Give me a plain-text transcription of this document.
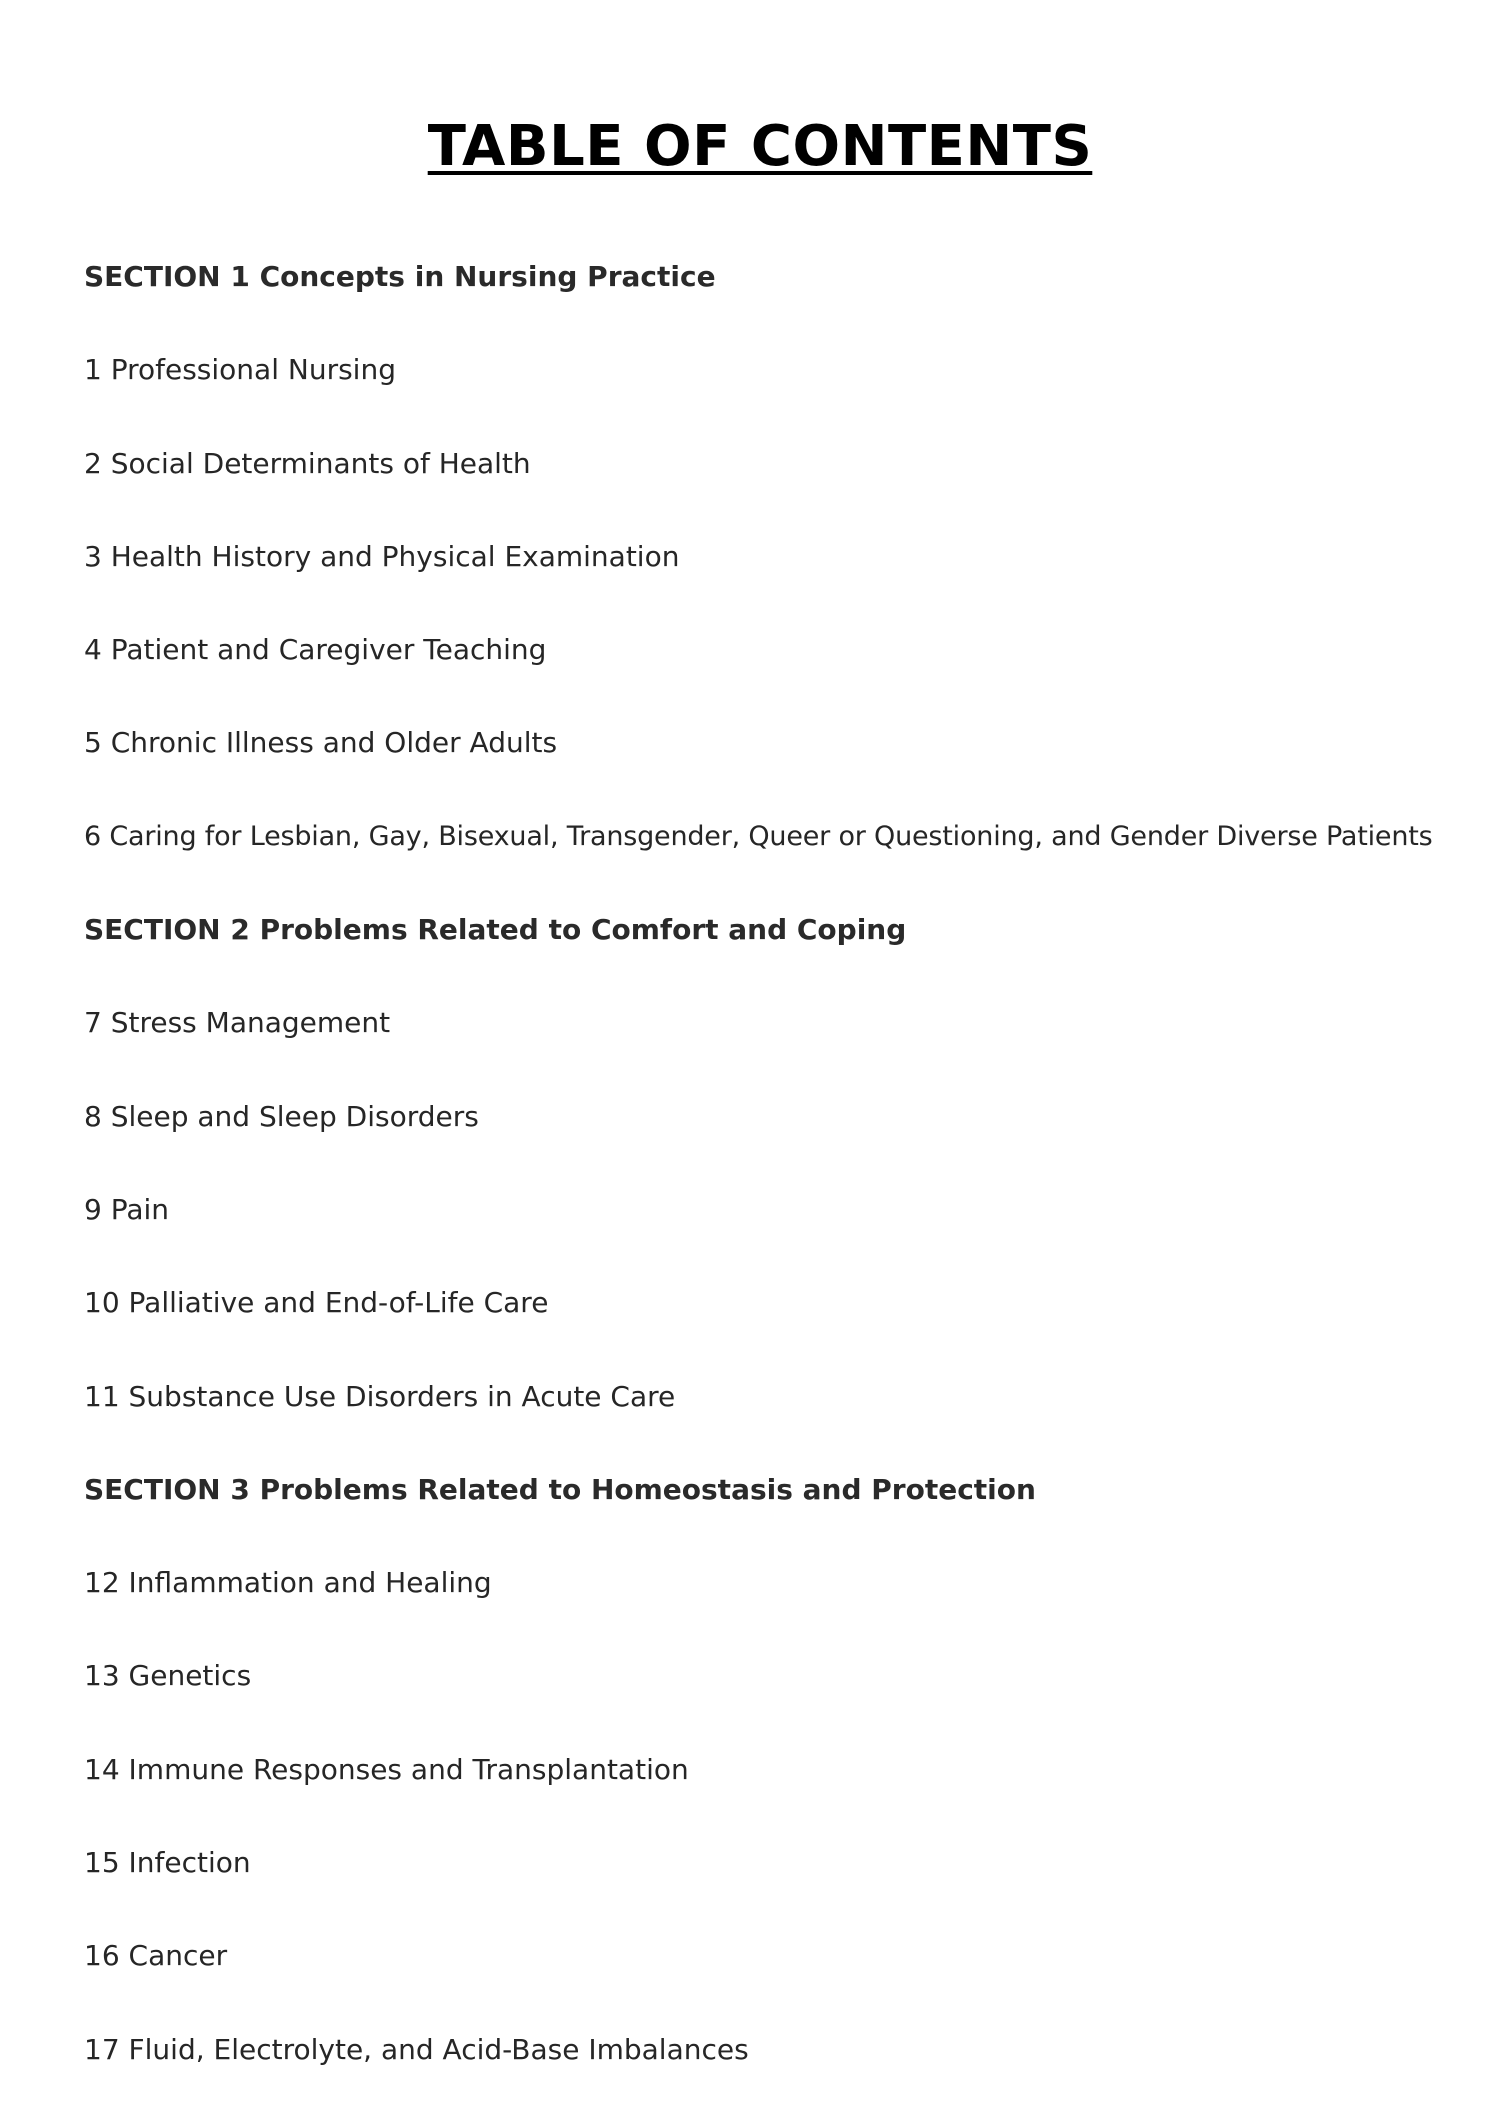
TABLE OF CONTENTS
SECTION 1 Concepts in Nursing Practice
1 Professional Nursing
2 Social Determinants of Health
3 Health History and Physical Examination
4 Patient and Caregiver Teaching
5 Chronic Illness and Older Adults
6 Caring for Lesbian, Gay, Bisexual, Transgender, Queer or Questioning, and Gender Diverse Patients
SECTION 2 Problems Related to Comfort and Coping
7 Stress Management
8 Sleep and Sleep Disorders
9 Pain
10 Palliative and End-of-Life Care
11 Substance Use Disorders in Acute Care
SECTION 3 Problems Related to Homeostasis and Protection
12 Inflammation and Healing
13 Genetics
14 Immune Responses and Transplantation
15 Infection
16 Cancer
17 Fluid, Electrolyte, and Acid-Base Imbalances
